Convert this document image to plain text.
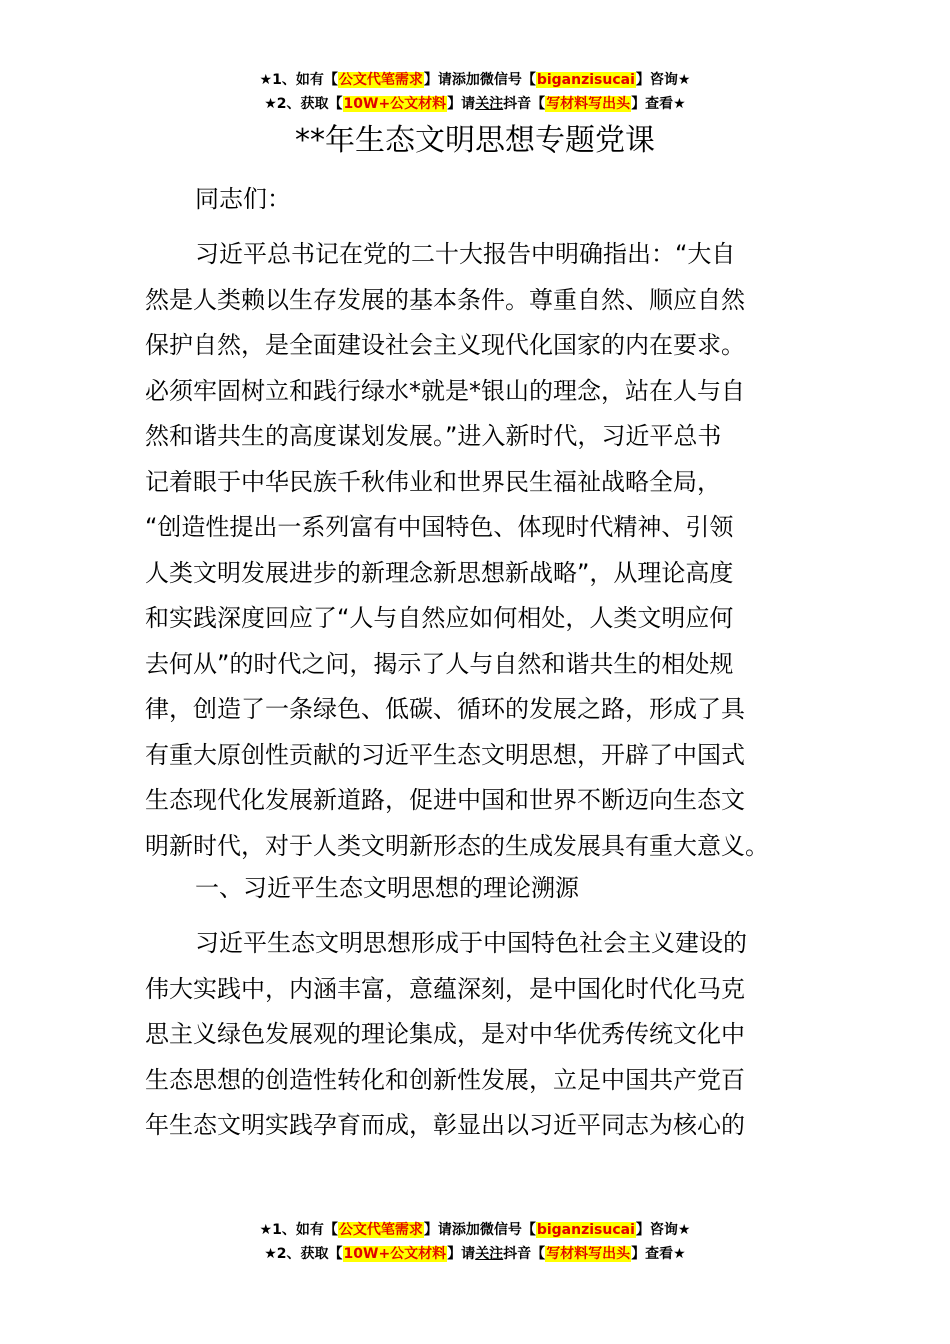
★1、如有【公文代笔需求】请添加微信号【biganzisucai】咨询★
★2、获取【10W+公文材料】请关注抖音【写材料写出头】查看★
**年生态文明思想专题党课

同志们：

习近平总书记在党的二十大报告中明确指出：“大自
然是人类赖以生存发展的基本条件。尊重自然、顺应自然
保护自然，是全面建设社会主义现代化国家的内在要求。
必须牢固树立和践行绿水*就是*银山的理念，站在人与自
然和谐共生的高度谋划发展。”进入新时代，习近平总书
记着眼于中华民族千秋伟业和世界民生福祉战略全局，
“创造性提出一系列富有中国特色、体现时代精神、引领
人类文明发展进步的新理念新思想新战略”，从理论高度
和实践深度回应了“人与自然应如何相处，人类文明应何
去何从”的时代之问，揭示了人与自然和谐共生的相处规
律，创造了一条绿色、低碳、循环的发展之路，形成了具
有重大原创性贡献的习近平生态文明思想，开辟了中国式
生态现代化发展新道路，促进中国和世界不断迈向生态文
明新时代，对于人类文明新形态的生成发展具有重大意义。

一、习近平生态文明思想的理论溯源

习近平生态文明思想形成于中国特色社会主义建设的
伟大实践中，内涵丰富，意蕴深刻，是中国化时代化马克
思主义绿色发展观的理论集成，是对中华优秀传统文化中
生态思想的创造性转化和创新性发展，立足中国共产党百
年生态文明实践孕育而成，彰显出以习近平同志为核心的

★1、如有【公文代笔需求】请添加微信号【biganzisucai】咨询★
★2、获取【10W+公文材料】请关注抖音【写材料写出头】查看★
